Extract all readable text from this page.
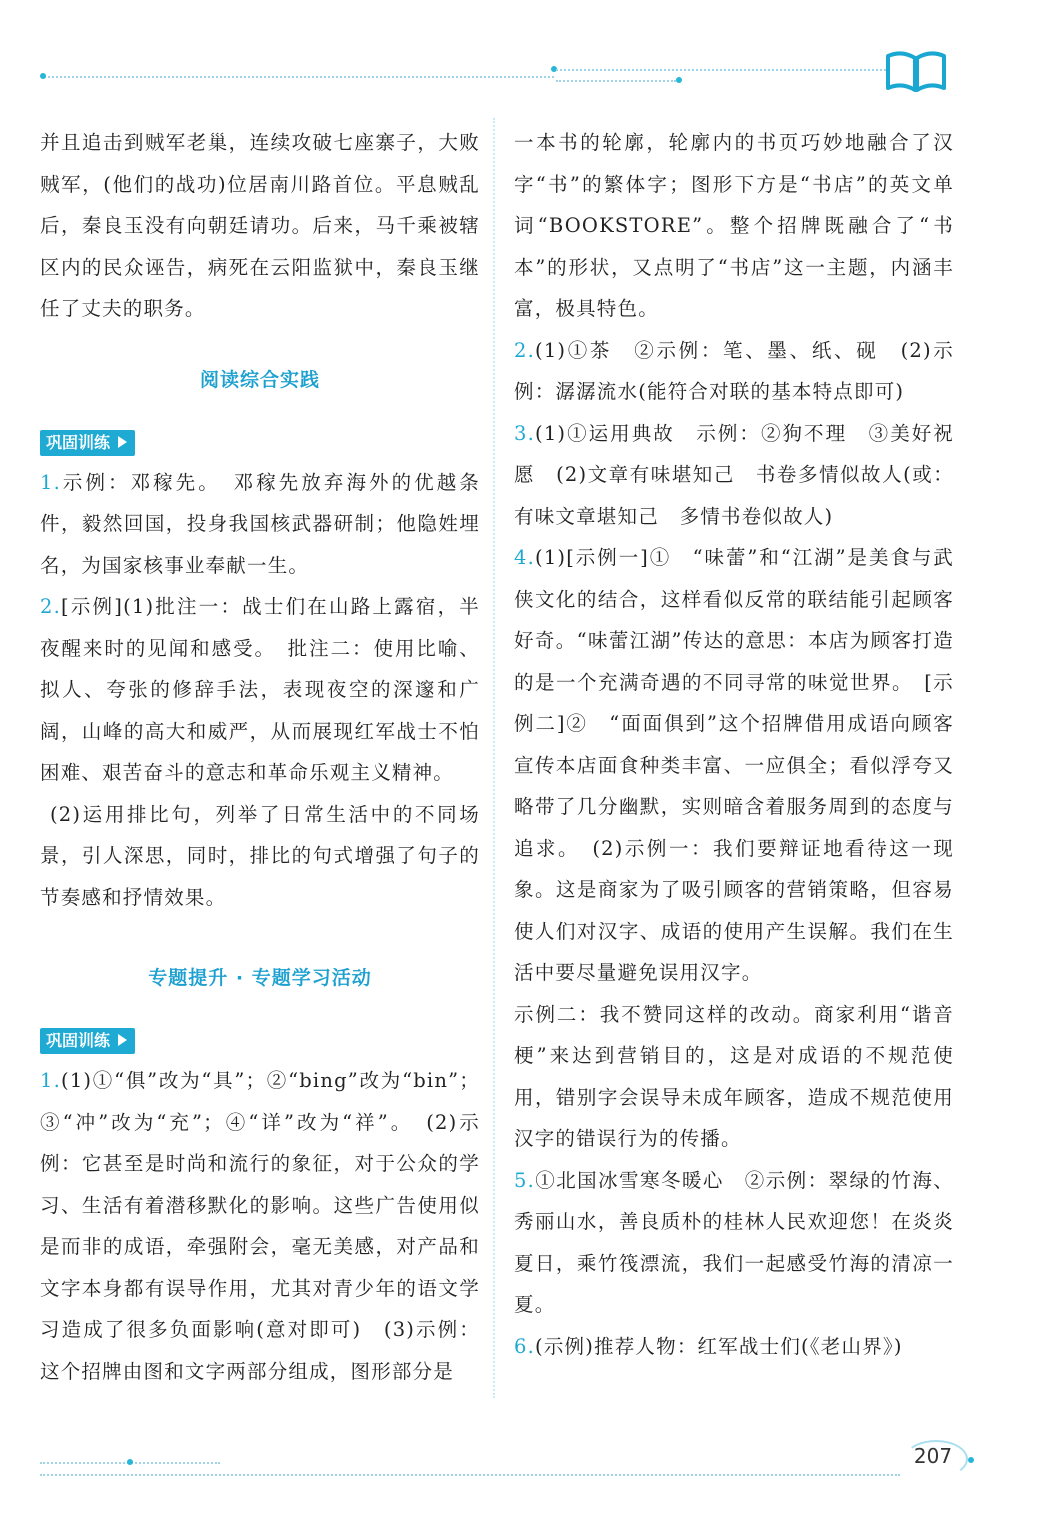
并且追击到贼军老巢，连续攻破七座寨子，大败贼军，(他们的战功)位居南川路首位。平息贼乱后，秦良玉没有向朝廷请功。后来，马千乘被辖区内的民众诬告，病死在云阳监狱中，秦良玉继任了丈夫的职务。

阅读综合实践
巩固训练

1.示例：邓稼先。　邓稼先放弃海外的优越条件，毅然回国，投身我国核武器研制；他隐姓埋名，为国家核事业奉献一生。

2.[示例](1)批注一：战士们在山路上露宿，半夜醒来时的见闻和感受。　批注二：使用比喻、拟人、夸张的修辞手法，表现夜空的深邃和广阔，山峰的高大和威严，从而展现红军战士不怕困难、艰苦奋斗的意志和革命乐观主义精神。

(2)运用排比句，列举了日常生活中的不同场景，引人深思，同时，排比的句式增强了句子的节奏感和抒情效果。

专题提升 · 专题学习活动
巩固训练

1.(1)①“俱”改为“具”；②“bing”改为“bin”；③“冲”改为“充”；④“详”改为“祥”。　(2)示例：它甚至是时尚和流行的象征，对于公众的学习、生活有着潜移默化的影响。这些广告使用似是而非的成语，牵强附会，毫无美感，对产品和文字本身都有误导作用，尤其对青少年的语文学习造成了很多负面影响(意对即可)　(3)示例：这个招牌由图和文字两部分组成，图形部分是

一本书的轮廓，轮廓内的书页巧妙地融合了汉字“书”的繁体字；图形下方是“书店”的英文单词“BOOKSTORE”。整个招牌既融合了“书本”的形状，又点明了“书店”这一主题，内涵丰富，极具特色。

2.(1)①茶　②示例：笔、墨、纸、砚　(2)示例：潺潺流水(能符合对联的基本特点即可)

3.(1)①运用典故　示例：②狗不理　③美好祝愿　(2)文章有味堪知己　书卷多情似故人(或：有味文章堪知己　多情书卷似故人)

4.(1)[示例一]①　“味蕾”和“江湖”是美食与武侠文化的结合，这样看似反常的联结能引起顾客好奇。“味蕾江湖”传达的意思：本店为顾客打造的是一个充满奇遇的不同寻常的味觉世界。　[示例二]②　“面面俱到”这个招牌借用成语向顾客宣传本店面食种类丰富、一应俱全；看似浮夸又略带了几分幽默，实则暗含着服务周到的态度与追求。　(2)示例一：我们要辩证地看待这一现象。这是商家为了吸引顾客的营销策略，但容易使人们对汉字、成语的使用产生误解。我们在生活中要尽量避免误用汉字。

示例二：我不赞同这样的改动。商家利用“谐音梗”来达到营销目的，这是对成语的不规范使用，错别字会误导未成年顾客，造成不规范使用汉字的错误行为的传播。

5.①北国冰雪寒冬暖心　②示例：翠绿的竹海、秀丽山水，善良质朴的桂林人民欢迎您！在炎炎夏日，乘竹筏漂流，我们一起感受竹海的清凉一夏。

6.(示例)推荐人物：红军战士们(《老山界》)

207
